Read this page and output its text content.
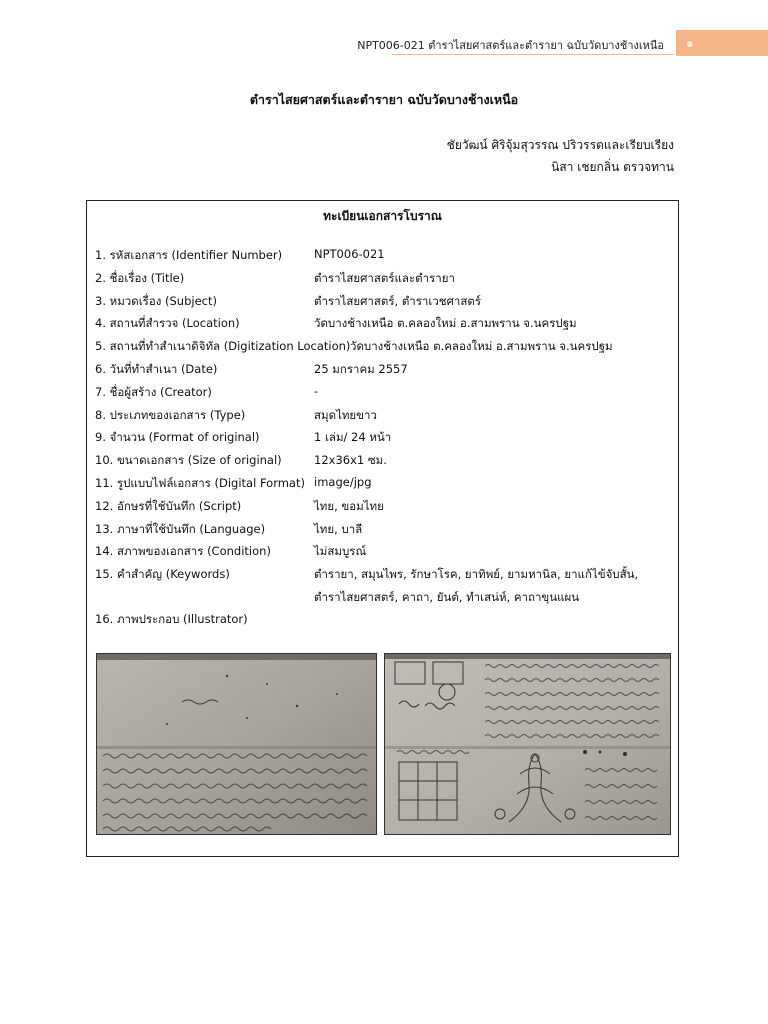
NPT006-021 ตำราไสยศาสตร์และตำรายา ฉบับวัดบางช้างเหนือ	๑
ตำราไสยศาสตร์และตำรายา ฉบับวัดบางช้างเหนือ
ชัยวัฒน์ ศิริจุ้มสุวรรณ ปริวรรตและเรียบเรียง
นิสา เชยกลิ่น ตรวจทาน
ทะเบียนเอกสารโบราณ
1. รหัสเอกสาร (Identifier Number)	NPT006-021
2. ชื่อเรื่อง (Title)	ตำราไสยศาสตร์และตำรายา
3. หมวดเรื่อง (Subject)	ตำราไสยศาสตร์, ตำราเวชศาสตร์
4. สถานที่สำรวจ (Location)	วัดบางช้างเหนือ ต.คลองใหม่ อ.สามพราน จ.นครปฐม
5. สถานที่ทำสำเนาดิจิทัล (Digitization Location) วัดบางช้างเหนือ ต.คลองใหม่ อ.สามพราน จ.นครปฐม
6. วันที่ทำสำเนา (Date)	25 มกราคม 2557
7. ชื่อผู้สร้าง (Creator)	-
8. ประเภทของเอกสาร (Type)	สมุดไทยขาว
9. จำนวน (Format of original)	1 เล่ม/ 24 หน้า
10. ขนาดเอกสาร (Size of original)	12x36x1 ซม.
11. รูปแบบไฟล์เอกสาร (Digital Format) image/jpg
12. อักษรที่ใช้บันทึก (Script)	ไทย, ขอมไทย
13. ภาษาที่ใช้บันทึก (Language)	ไทย, บาลี
14. สภาพของเอกสาร (Condition)	ไม่สมบูรณ์
15. คำสำคัญ (Keywords)	ตำรายา, สมุนไพร, รักษาโรค, ยาทิพย์, ยามหานิล, ยาแก้ไข้จับสั้น,
ตำราไสยศาสตร์, คาถา, ยันต์, ทำเสน่ห์, คาถาขุนแผน
16. ภาพประกอบ (Illustrator)
